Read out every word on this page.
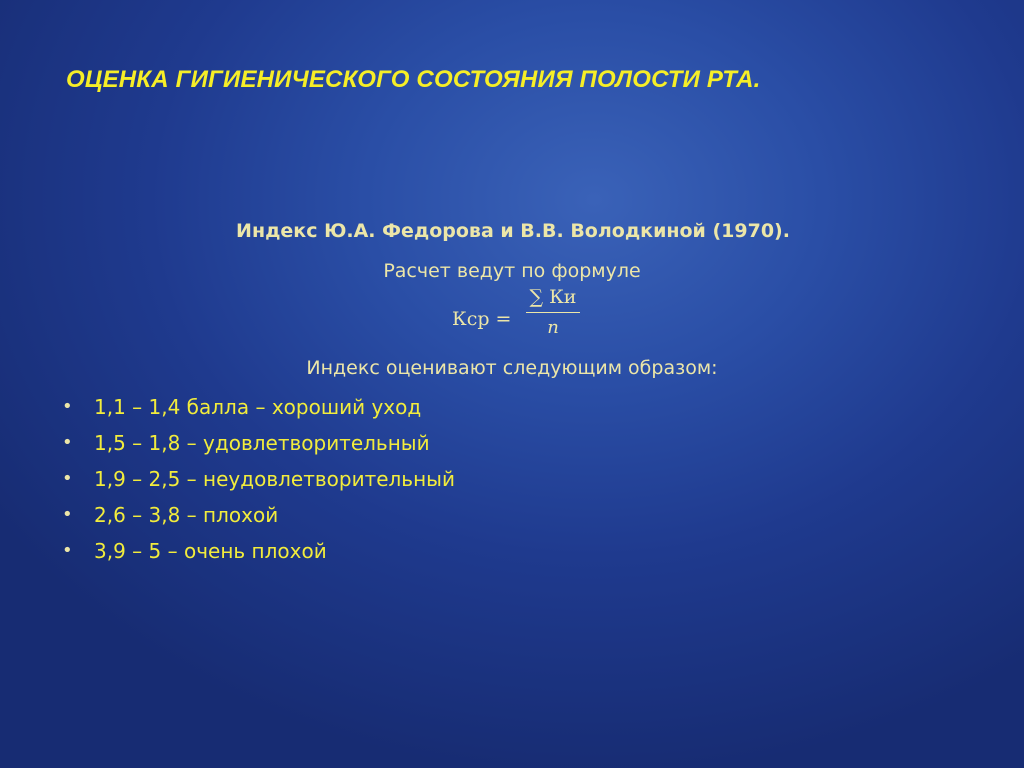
ОЦЕНКА ГИГИЕНИЧЕСКОГО СОСТОЯНИЯ ПОЛОСТИ РТА.
Индекс Ю.А. Федорова и В.В. Володкиной (1970).
Расчет ведут по формуле
Кср =
∑ Ки
n
Индекс оценивают следующим образом:
• 1,1 – 1,4 балла – хороший уход
• 1,5 – 1,8 – удовлетворительный
• 1,9 – 2,5 – неудовлетворительный
• 2,6 – 3,8 – плохой
• 3,9 – 5 – очень плохой
